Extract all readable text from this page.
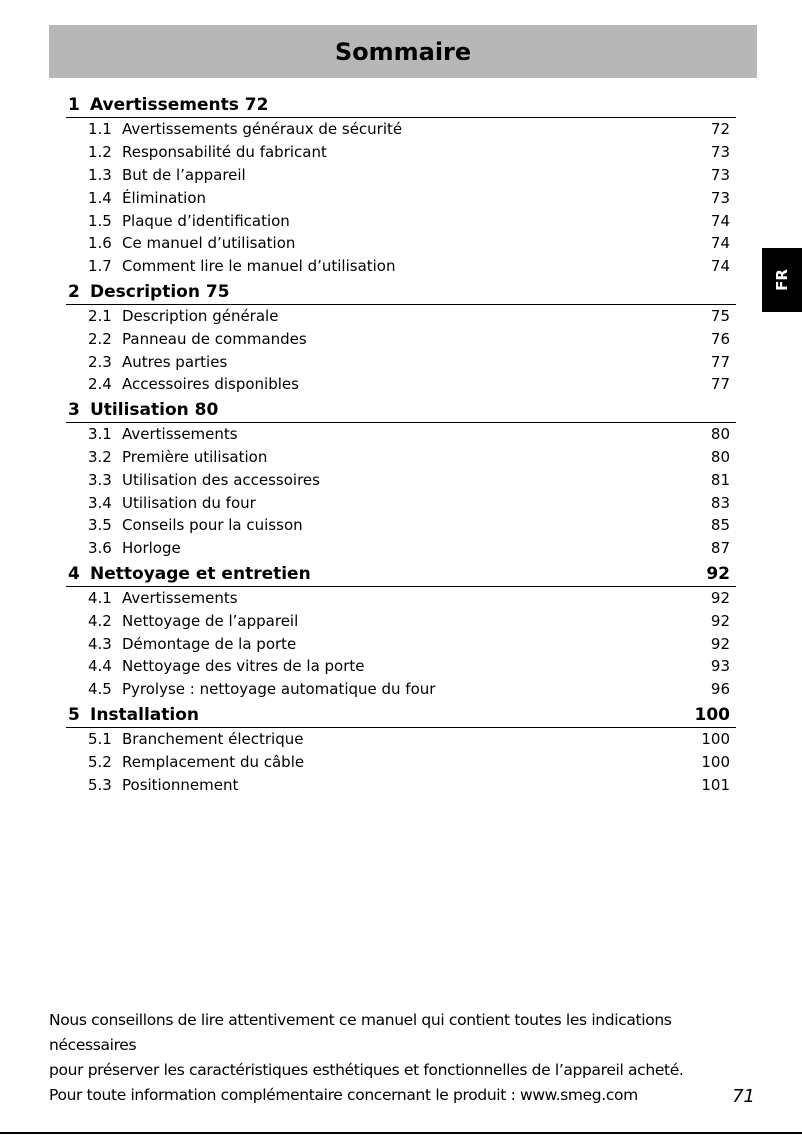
Sommaire
FR
1 Avertissements 72
1.1 Avertissements généraux de sécurité	72
1.2 Responsabilité du fabricant	73
1.3 But de l’appareil	73
1.4 Élimination	73
1.5 Plaque d’identification	74
1.6 Ce manuel d’utilisation	74
1.7 Comment lire le manuel d’utilisation	74
2 Description 75
2.1 Description générale	75
2.2 Panneau de commandes	76
2.3 Autres parties	77
2.4 Accessoires disponibles	77
3 Utilisation 80
3.1 Avertissements	80
3.2 Première utilisation	80
3.3 Utilisation des accessoires	81
3.4 Utilisation du four	83
3.5 Conseils pour la cuisson	85
3.6 Horloge	87
4 Nettoyage et entretien	92
4.1 Avertissements	92
4.2 Nettoyage de l’appareil	92
4.3 Démontage de la porte	92
4.4 Nettoyage des vitres de la porte	93
4.5 Pyrolyse : nettoyage automatique du four	96
5 Installation	100
5.1 Branchement électrique	100
5.2 Remplacement du câble	100
5.3 Positionnement	101
Nous conseillons de lire attentivement ce manuel qui contient toutes les indications nécessaires
pour préserver les caractéristiques esthétiques et fonctionnelles de l’appareil acheté.
Pour toute information complémentaire concernant le produit : www.smeg.com	71
